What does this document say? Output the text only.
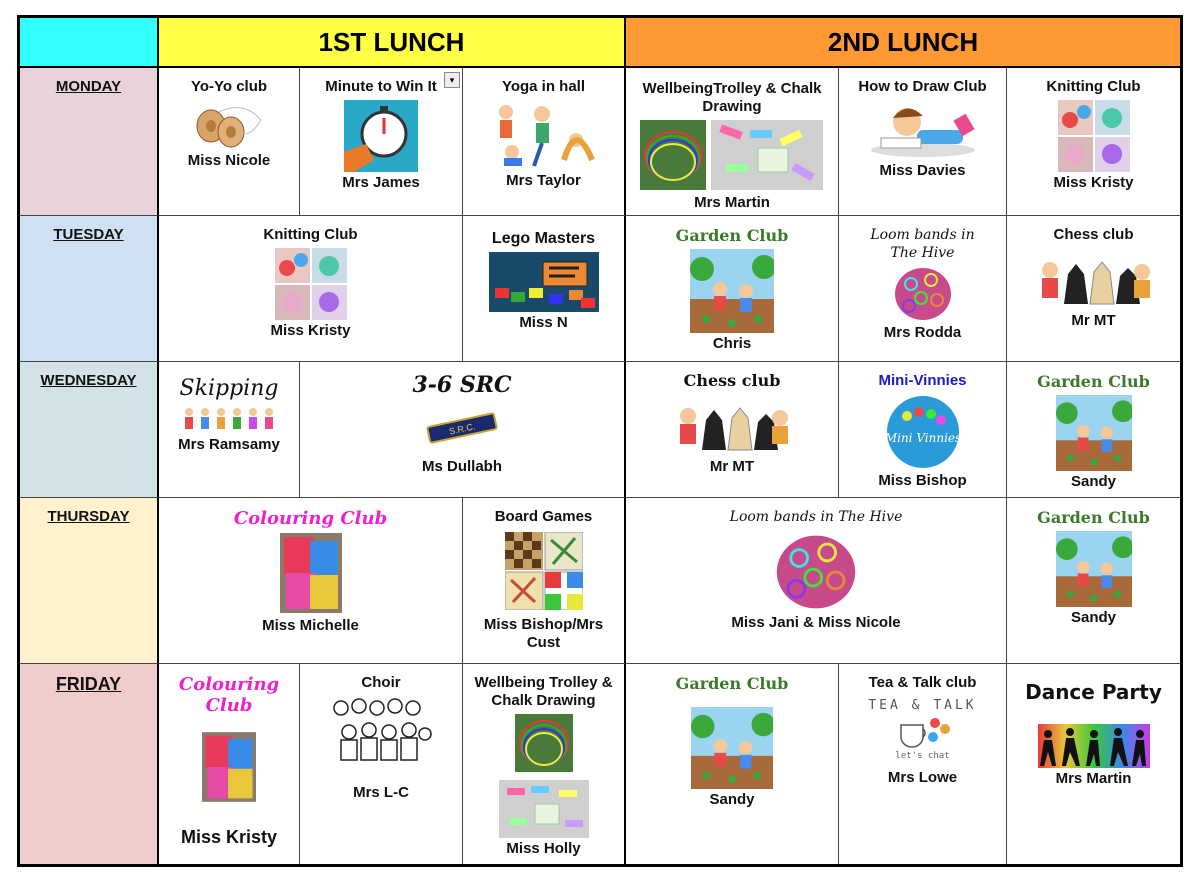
1ST LUNCH	2ND LUNCH
MONDAY
TUESDAY
WEDNESDAY
THURSDAY
FRIDAY
Yo-Yo club
Miss Nicole
Minute to Win It	▾
Mrs James
Yoga in hall
Mrs Taylor
WellbeingTrolley & Chalk Drawing
Mrs Martin
How to Draw Club
Miss Davies
Knitting Club
Miss Kristy
Knitting Club
Miss Kristy
Lego Masters
Miss N
Garden Club
Chris
Loom bands in The Hive
Mrs Rodda
Chess club
Mr MT
Skipping
Mrs Ramsamy
3-6 SRC
S.R.C.
Ms Dullabh
Chess club
Mr MT
Mini-Vinnies
Mini Vinnies
Miss Bishop
Garden Club
Sandy
Colouring Club
Miss Michelle
Board Games
Miss Bishop/Mrs Cust
Loom bands in The Hive
Miss Jani & Miss Nicole
Garden Club
Sandy
Colouring Club
Miss Kristy
Choir
Mrs L-C
Wellbeing Trolley & Chalk Drawing
Miss Holly
Garden Club
Sandy
Tea & Talk club
TEA & TALK
let's chat
Mrs Lowe
Dance Party
Mrs Martin
